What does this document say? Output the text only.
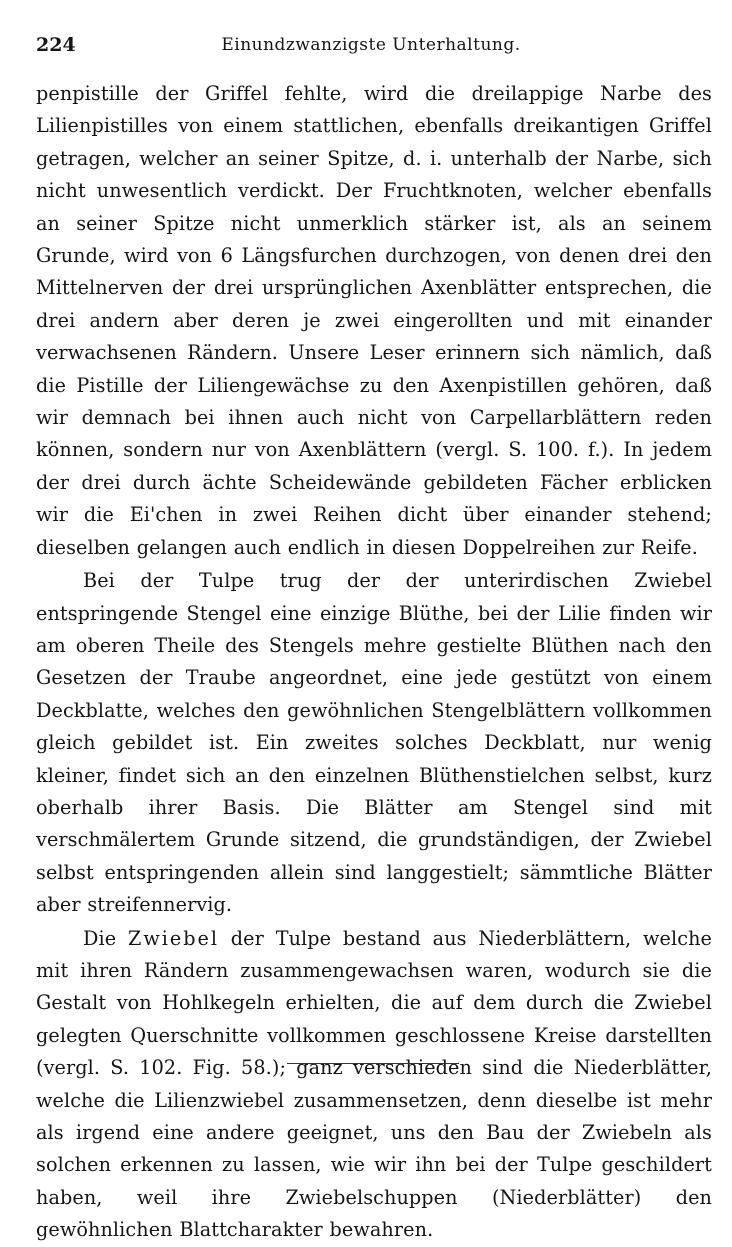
224	Einundzwanzigste Unterhaltung.

penpistille der Griffel fehlte, wird die dreilappige Narbe des Lilienpistilles von einem stattlichen, ebenfalls dreikantigen Griffel getragen, welcher an seiner Spitze, d. i. unterhalb der Narbe, sich nicht unwesentlich verdickt. Der Fruchtknoten, welcher ebenfalls an seiner Spitze nicht unmerklich stärker ist, als an seinem Grunde, wird von 6 Längsfurchen durchzogen, von denen drei den Mittelnerven der drei ursprünglichen Axenblätter entsprechen, die drei andern aber deren je zwei eingerollten und mit einander verwachsenen Rändern. Unsere Leser erinnern sich nämlich, daß die Pistille der Liliengewächse zu den Axenpistillen gehören, daß wir demnach bei ihnen auch nicht von Carpellarblättern reden können, sondern nur von Axenblättern (vergl. S. 100. f.). In jedem der drei durch ächte Scheidewände gebildeten Fächer erblicken wir die Ei'chen in zwei Reihen dicht über einander stehend; dieselben gelangen auch endlich in diesen Doppelreihen zur Reife.

Bei der Tulpe trug der der unterirdischen Zwiebel entspringende Stengel eine einzige Blüthe, bei der Lilie finden wir am oberen Theile des Stengels mehre gestielte Blüthen nach den Gesetzen der Traube angeordnet, eine jede gestützt von einem Deckblatte, welches den gewöhnlichen Stengelblättern vollkommen gleich gebildet ist. Ein zweites solches Deckblatt, nur wenig kleiner, findet sich an den einzelnen Blüthenstielchen selbst, kurz oberhalb ihrer Basis. Die Blätter am Stengel sind mit verschmälertem Grunde sitzend, die grundständigen, der Zwiebel selbst entspringenden allein sind langgestielt; sämmtliche Blätter aber streifennervig.

Die Zwiebel der Tulpe bestand aus Niederblättern, welche mit ihren Rändern zusammengewachsen waren, wodurch sie die Gestalt von Hohlkegeln erhielten, die auf dem durch die Zwiebel gelegten Querschnitte vollkommen geschlossene Kreise darstellten (vergl. S. 102. Fig. 58.); ganz verschieden sind die Niederblätter, welche die Lilienzwiebel zusammensetzen, denn dieselbe ist mehr als irgend eine andere geeignet, uns den Bau der Zwiebeln als solchen erkennen zu lassen, wie wir ihn bei der Tulpe geschildert haben, weil ihre Zwiebelschuppen (Niederblätter) den gewöhnlichen Blattcharakter bewahren.
